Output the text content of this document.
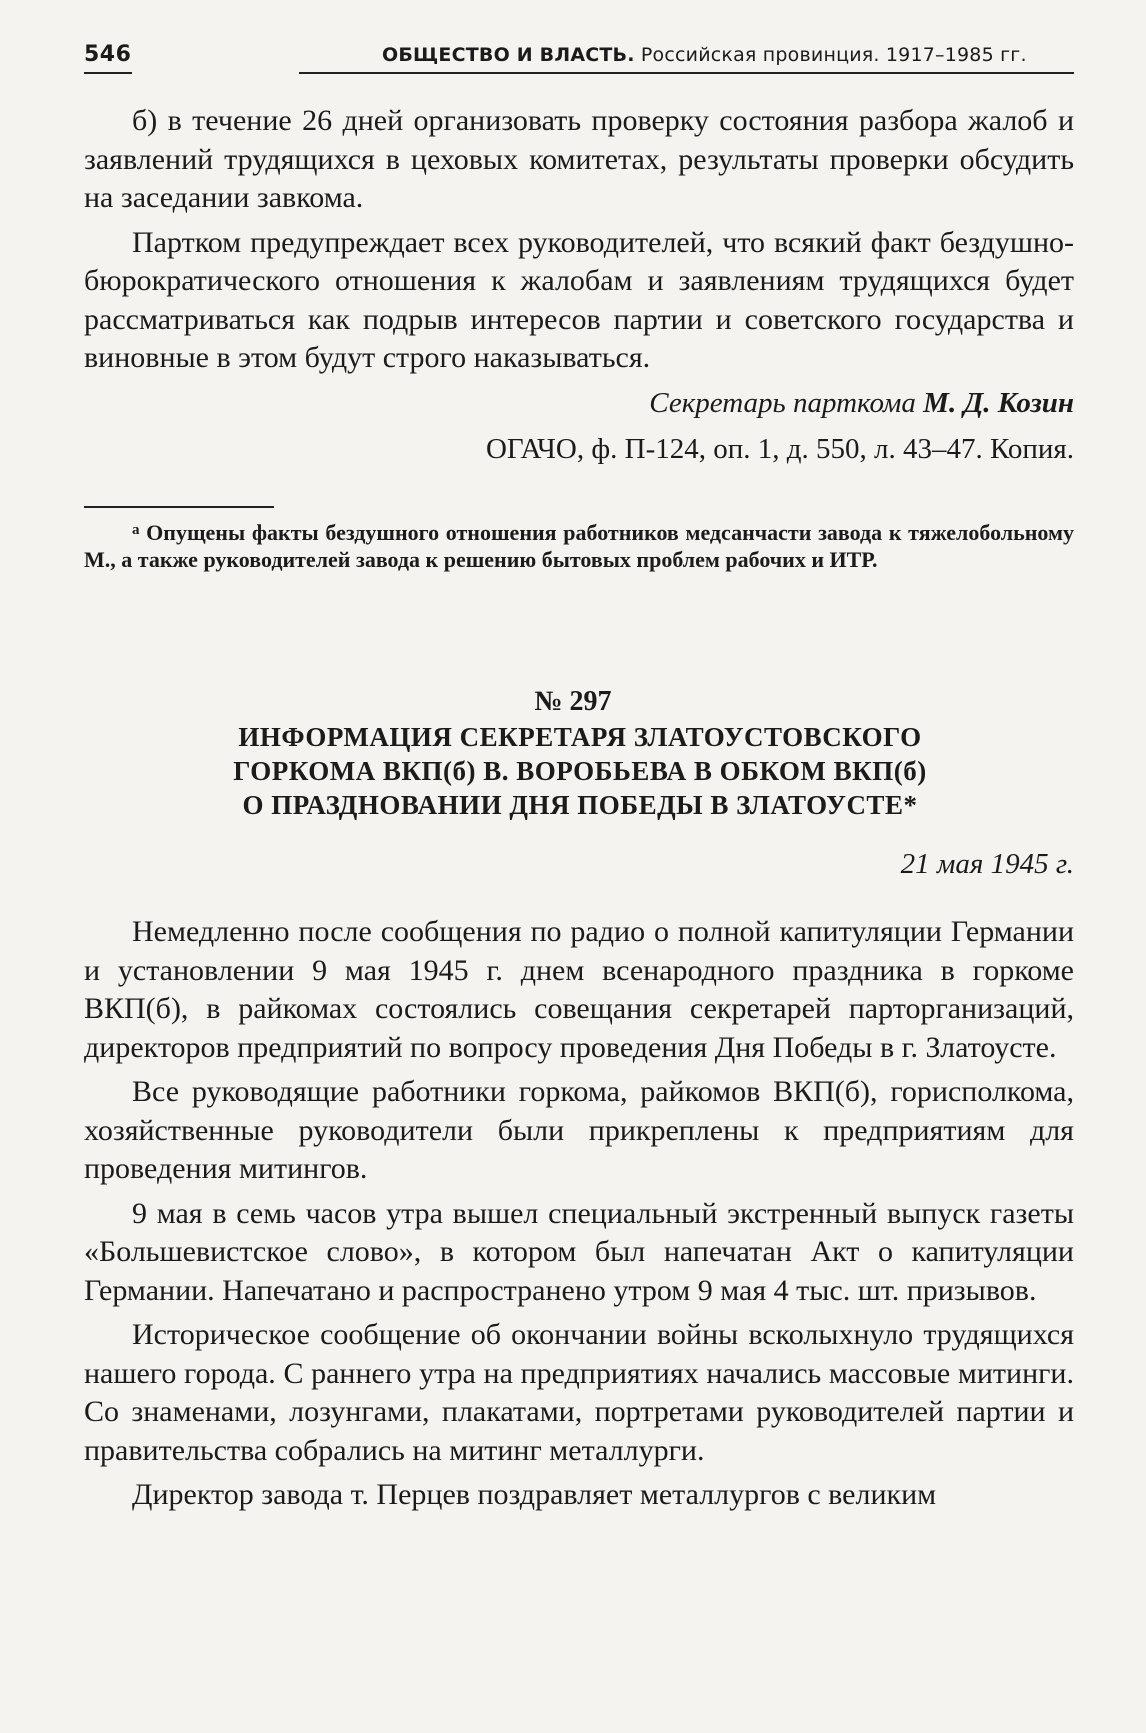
546	ОБЩЕСТВО И ВЛАСТЬ. Российская провинция. 1917–1985 гг.

б) в течение 26 дней организовать проверку состояния разбора жалоб и заявлений трудящихся в цеховых комитетах, результаты проверки обсудить на заседании завкома.

Партком предупреждает всех руководителей, что всякий факт бездушно-бюрократического отношения к жалобам и заявлениям трудящихся будет рассматриваться как подрыв интересов партии и советского государства и виновные в этом будут строго наказываться.

Секретарь парткома М. Д. Козин

ОГАЧО, ф. П-124, оп. 1, д. 550, л. 43–47. Копия.

$^а$ Опущены факты бездушного отношения работников медсанчасти завода к тяжелобольному М., а также руководителей завода к решению бытовых проблем рабочих и ИТР.
№ 297
ИНФОРМАЦИЯ СЕКРЕТАРЯ ЗЛАТОУСТОВСКОГО
ГОРКОМА ВКП(б) В. ВОРОБЬЕВА В ОБКОМ ВКП(б)
О ПРАЗДНОВАНИИ ДНЯ ПОБЕДЫ В ЗЛАТОУСТЕ*
21 мая 1945 г.

Немедленно после сообщения по радио о полной капитуляции Германии и установлении 9 мая 1945 г. днем всенародного праздника в горкоме ВКП(б), в райкомах состоялись совещания секретарей парторганизаций, директоров предприятий по вопросу проведения Дня Победы в г. Златоусте.

Все руководящие работники горкома, райкомов ВКП(б), горисполкома, хозяйственные руководители были прикреплены к предприятиям для проведения митингов.

9 мая в семь часов утра вышел специальный экстренный выпуск газеты «Большевистское слово», в котором был напечатан Акт о капитуляции Германии. Напечатано и распространено утром 9 мая 4 тыс. шт. призывов.

Историческое сообщение об окончании войны всколыхнуло трудящихся нашего города. С раннего утра на предприятиях начались массовые митинги. Со знаменами, лозунгами, плакатами, портретами руководителей партии и правительства собрались на митинг металлурги.

Директор завода т. Перцев поздравляет металлургов с великим
